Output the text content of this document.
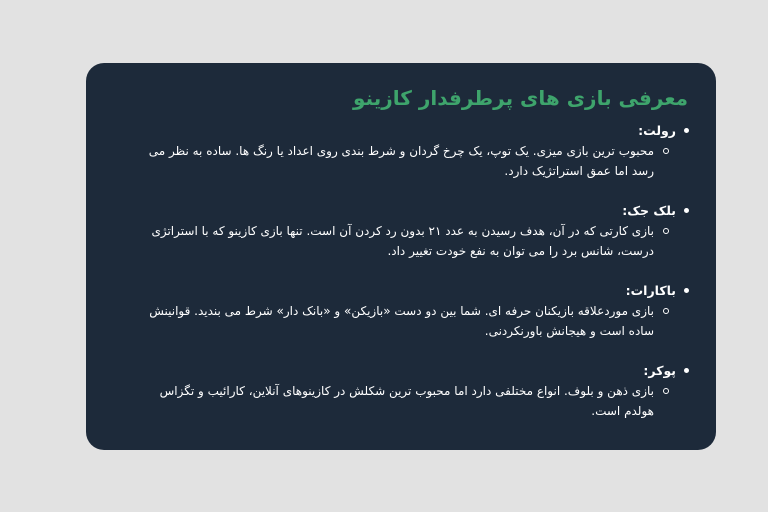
معرفی بازی های پرطرفدار کازینو
رولت:
محبوب ترین بازی میزی. یک توپ، یک چرخ گردان و شرط بندی روی اعداد یا رنگ ها. ساده به نظر می رسد اما عمق استراتژیک دارد.
بلک جک:
بازی کارتی که در آن، هدف رسیدن به عدد ۲۱ بدون رد کردن آن است. تنها بازی کازینو که با استراتژی درست، شانس برد را می توان به نفع خودت تغییر داد.
باکارات:
بازی موردعلاقه بازیکنان حرفه ای. شما بین دو دست «بازیکن» و «بانک دار» شرط می بندید. قوانینش ساده است و هیجانش باورنکردنی.
پوکر:
بازی ذهن و بلوف. انواع مختلفی دارد اما محبوب ترین شکلش در کازینوهای آنلاین، کارائیب و تگزاس هولدم است.
